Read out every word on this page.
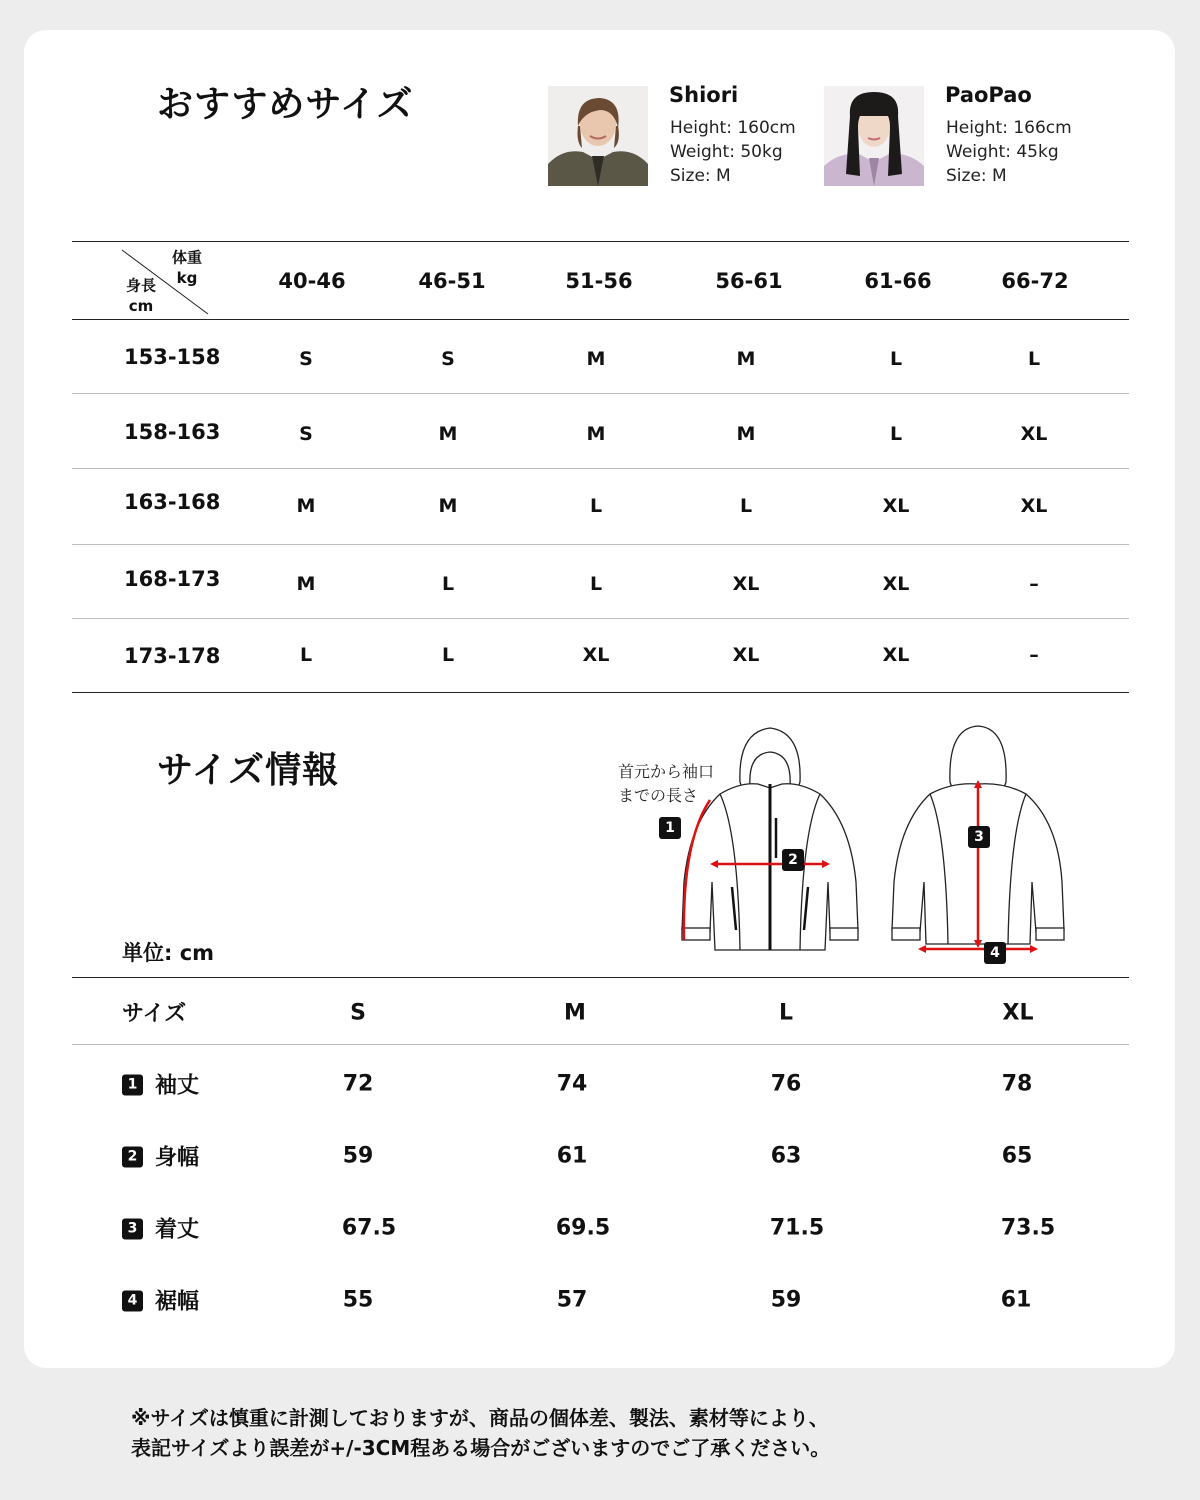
おすすめサイズ	Shiori
Height: 160cm
Weight: 50kg
Size: M
PaoPao
Height: 166cm
Weight: 45kg
Size: M
体重
kg
身長
cm
40-46	46-51	51-56	56-61	61-66	66-72
153-158	S	S	M	M	L	L
158-163	S	M	M	M	L	XL
163-168	M	M	L	L	XL	XL
168-173	M	L	L	XL	XL	–
173-178	L	L	XL	XL	XL	–
サイズ情報
単位: cm
首元から袖口
までの長さ
1
2
3
4
サイズ	S	M	L	XL
1 袖丈	72	74	76	78
2 身幅	59	61	63	65
3 着丈	67.5	69.5	71.5	73.5
4 裾幅	55	57	59	61
※サイズは慎重に計測しておりますが、商品の個体差、製法、素材等により、
表記サイズより誤差が+/-3CM程ある場合がございますのでご了承ください。
